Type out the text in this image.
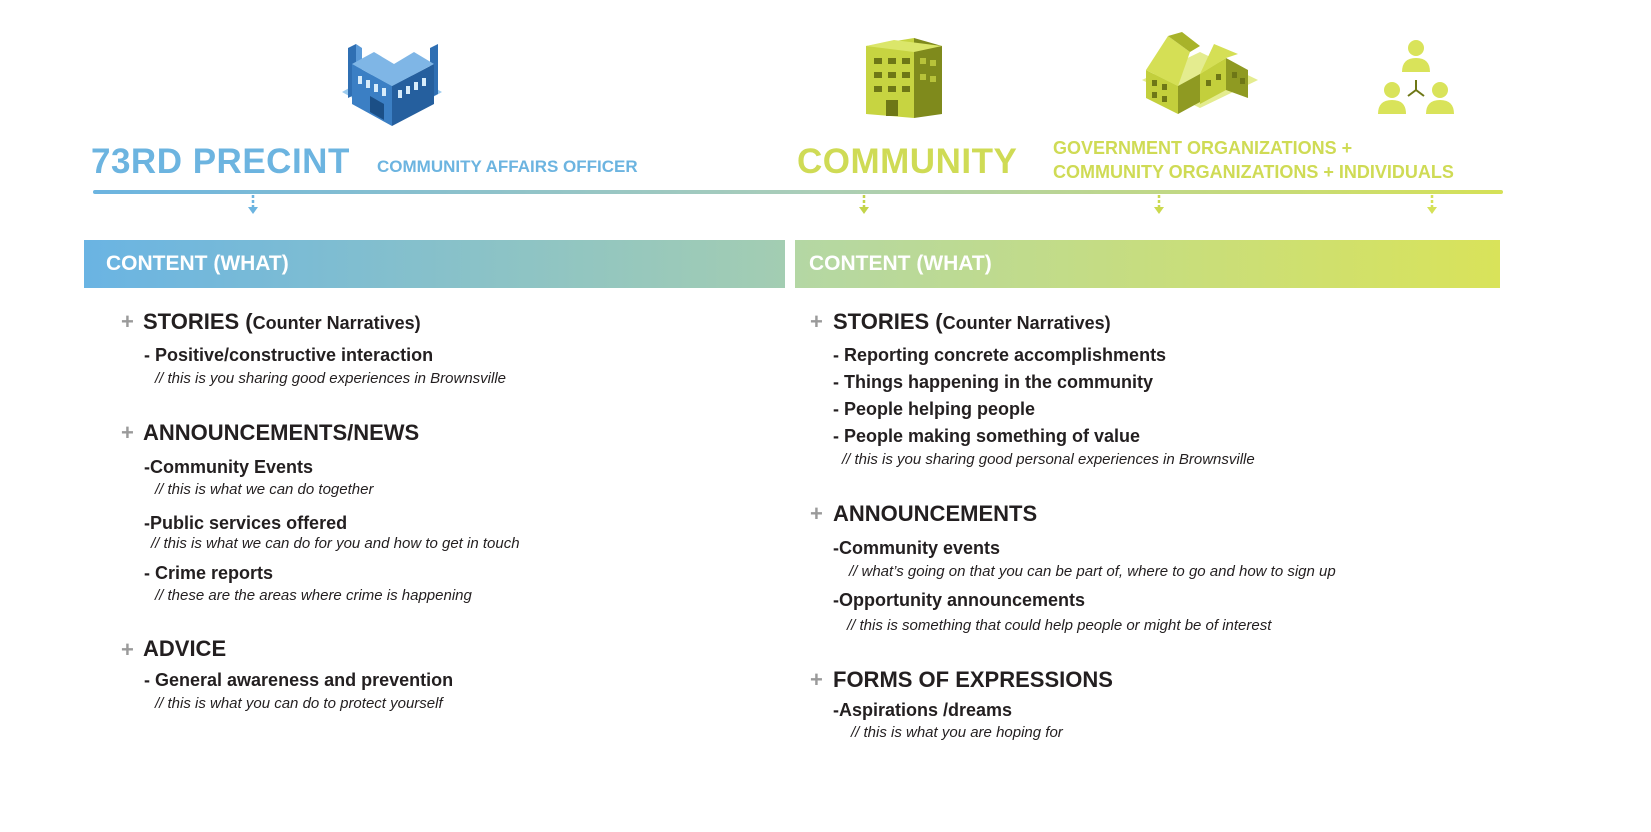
73RD PRECINT COMMUNITY AFFAIRS OFFICER	COMMUNITY GOVERNMENT ORGANIZATIONS +
COMMUNITY ORGANIZATIONS + INDIVIDUALS
CONTENT (WHAT)	CONTENT (WHAT)
+ STORIES (Counter Narratives)
- Positive/constructive interaction
// this is you sharing good experiences in Brownsville
+ ANNOUNCEMENTS/NEWS
-Community Events
// this is what we can do together
-Public services offered
// this is what we can do for you and how to get in touch
- Crime reports
// these are the areas where crime is happening
+ ADVICE
- General awareness and prevention
// this is what you can do to protect yourself
+ STORIES (Counter Narratives)
- Reporting concrete accomplishments
- Things happening in the community
- People helping people
- People making something of value
// this is you sharing good personal experiences in Brownsville
+ ANNOUNCEMENTS
-Community events
// what’s going on that you can be part of, where to go and how to sign up
-Opportunity announcements
// this is something that could help people or might be of interest
+ FORMS OF EXPRESSIONS
-Aspirations /dreams
// this is what you are hoping for
